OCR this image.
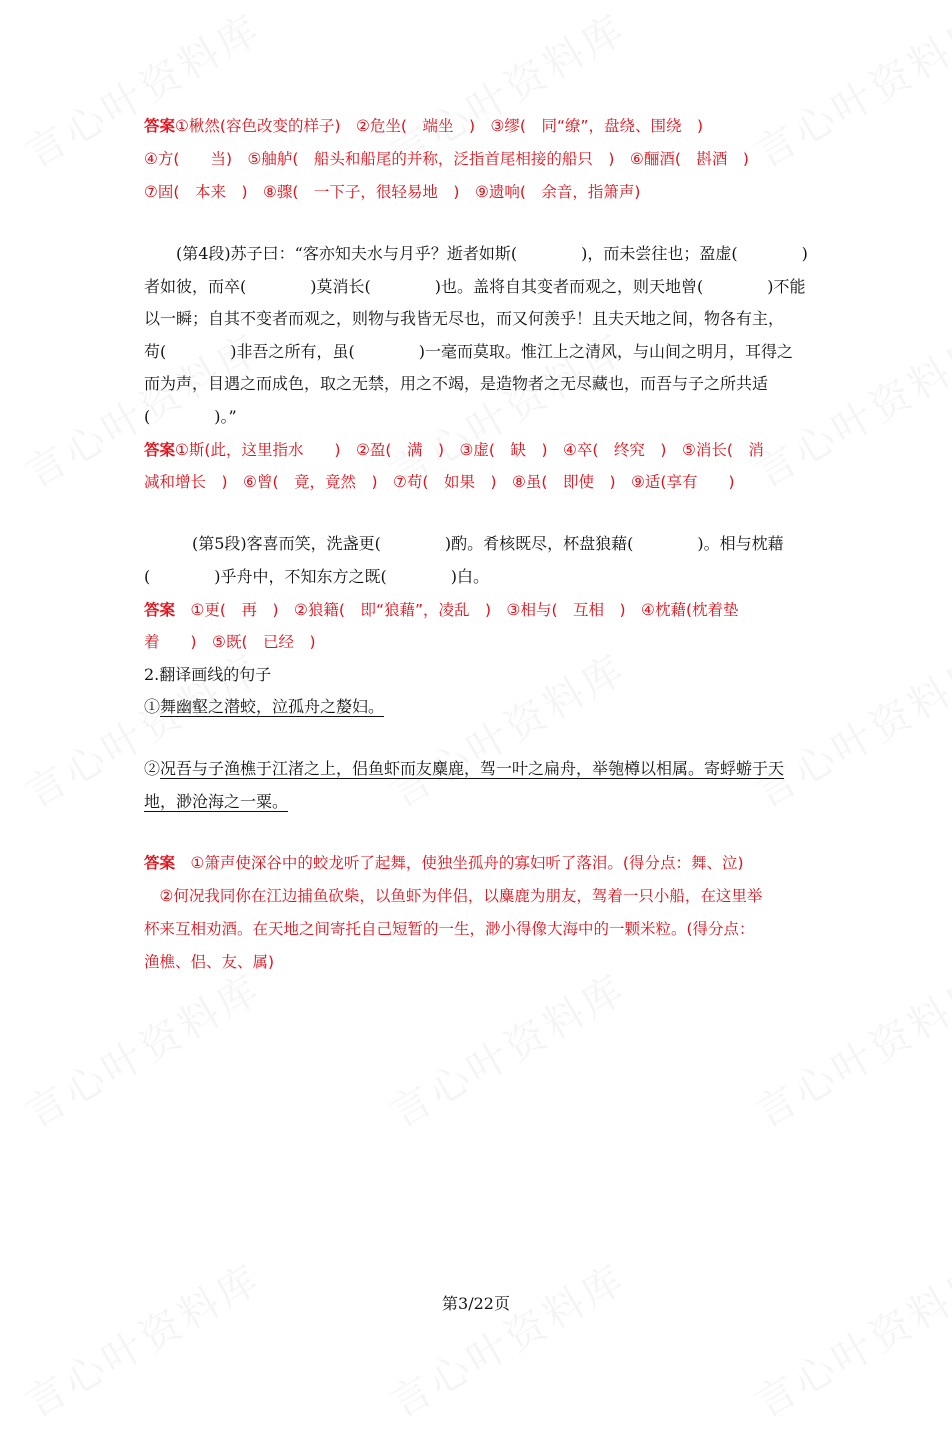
答案①楸然(容色改变的样子)　②危坐(　端坐　)　③缪(　同“缭”，盘绕、围绕　)
④方(　　当)　⑤舳舻(　船头和船尾的并称，泛指首尾相接的船只　)　⑥酾酒(　斟酒　)
⑦固(　本来　)　⑧骤(　一下子，很轻易地　)　⑨遗响(　余音，指箫声)
　　(第4段)苏子曰：“客亦知夫水与月乎？逝者如斯(　　　　)，而未尝往也；盈虚(　　　　)
者如彼，而卒(　　　　)莫消长(　　　　)也。盖将自其变者而观之，则天地曾(　　　　)不能
以一瞬；自其不变者而观之，则物与我皆无尽也，而又何羡乎！且夫天地之间，物各有主，
苟(　　　　)非吾之所有，虽(　　　　)一毫而莫取。惟江上之清风，与山间之明月，耳得之
而为声，目遇之而成色，取之无禁，用之不竭，是造物者之无尽藏也，而吾与子之所共适
(　　　　)。”
答案①斯(此，这里指水　　)　②盈(　满　)　③虚(　缺　)　④卒(　终究　)　⑤消长(　消
减和增长　)　⑥曾(　竟，竟然　)　⑦苟(　如果　)　⑧虽(　即使　)　⑨适(享有　　)
　　　(第5段)客喜而笑，洗盏更(　　　　)酌。肴核既尽，杯盘狼藉(　　　　)。相与枕藉
(　　　　)乎舟中，不知东方之既(　　　　)白。
答案　①更(　再　)　②狼籍(　即“狼藉”，凌乱　)　③相与(　互相　)　④枕藉(枕着垫
着　　)　⑤既(　已经　)
2.翻译画线的句子
①舞幽壑之潜蛟，泣孤舟之嫠妇。
②况吾与子渔樵于江渚之上，侣鱼虾而友麋鹿，驾一叶之扁舟，举匏樽以相属。寄蜉蝣于天
地，渺沧海之一粟。
答案　①箫声使深谷中的蛟龙听了起舞，使独坐孤舟的寡妇听了落泪。(得分点：舞、泣)
　②何况我同你在江边捕鱼砍柴，以鱼虾为伴侣，以麋鹿为朋友，驾着一只小船，在这里举
杯来互相劝酒。在天地之间寄托自己短暂的一生，渺小得像大海中的一颗米粒。(得分点：
渔樵、侣、友、属)
第3/22页
